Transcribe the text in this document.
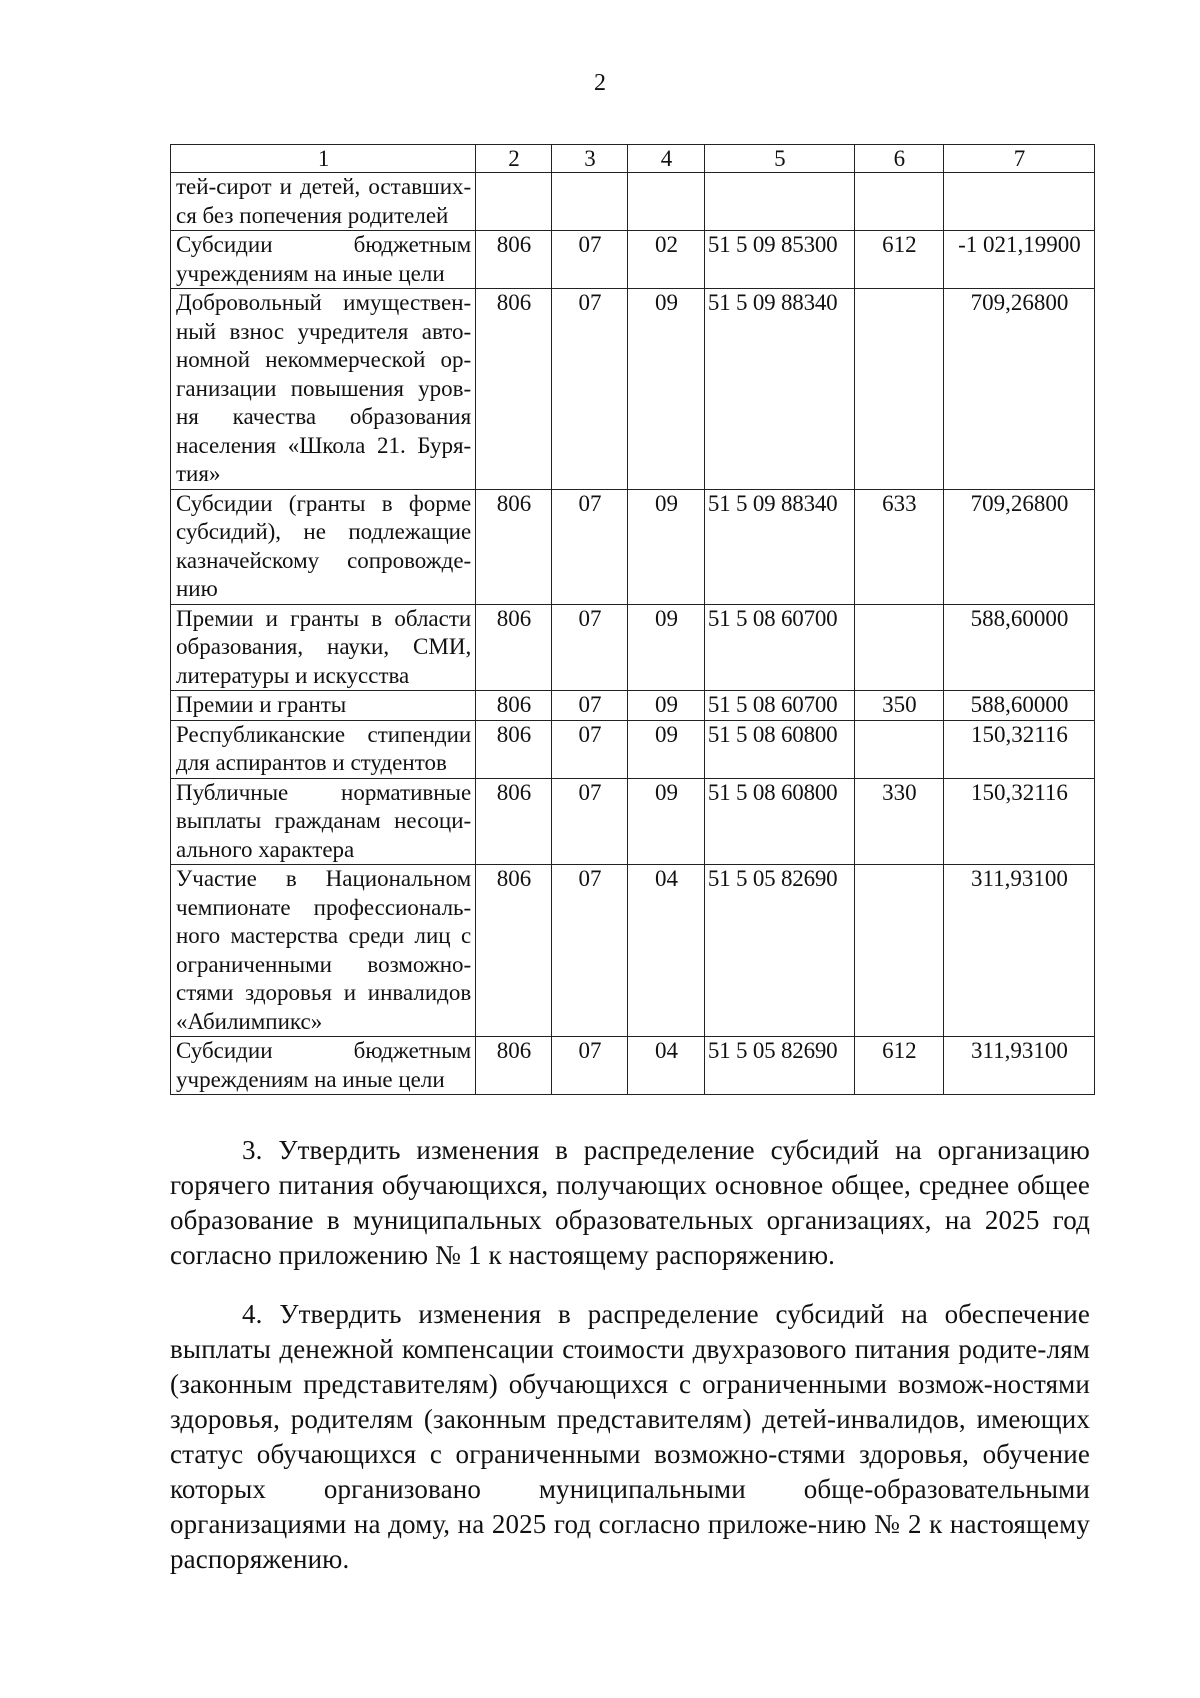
2
1	2	3	4	5	6	7
тей-сирот и детей, оставших-ся без попечения родителей						
Субсидии бюджетным учреждениям на иные цели	806	07	02	51 5 09 85300	612	-1 021,19900
Добровольный имуществен-ный взнос учредителя авто-номной некоммерческой ор-ганизации повышения уров-ня качества образования населения «Школа 21. Буря-тия»	806	07	09	51 5 09 88340		709,26800
Субсидии (гранты в форме субсидий), не подлежащие казначейскому сопровожде-нию	806	07	09	51 5 09 88340	633	709,26800
Премии и гранты в области образования, науки, СМИ, литературы и искусства	806	07	09	51 5 08 60700		588,60000
Премии и гранты	806	07	09	51 5 08 60700	350	588,60000
Республиканские стипендии для аспирантов и студентов	806	07	09	51 5 08 60800		150,32116
Публичные нормативные выплаты гражданам несоци-ального характера	806	07	09	51 5 08 60800	330	150,32116
Участие в Национальном чемпионате профессиональ-ного мастерства среди лиц с ограниченными возможно-стями здоровья и инвалидов «Абилимпикс»	806	07	04	51 5 05 82690		311,93100
Субсидии бюджетным учреждениям на иные цели	806	07	04	51 5 05 82690	612	311,93100

3. Утвердить изменения в распределение субсидий на организацию горячего питания обучающихся, получающих основное общее, среднее общее образование в муниципальных образовательных организациях, на 2025 год согласно приложению № 1 к настоящему распоряжению.

4. Утвердить изменения в распределение субсидий на обеспечение выплаты денежной компенсации стоимости двухразового питания родите-лям (законным представителям) обучающихся с ограниченными возмож-ностями здоровья, родителям (законным представителям) детей-инвалидов, имеющих статус обучающихся с ограниченными возможно-стями здоровья, обучение которых организовано муниципальными обще-образовательными организациями на дому, на 2025 год согласно приложе-нию № 2 к настоящему распоряжению.
